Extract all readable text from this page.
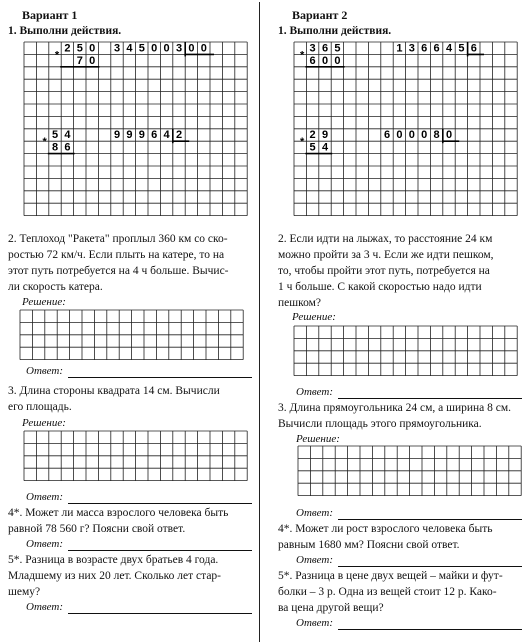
2 5 0
7 0
*
3 4 5 0 0 3 0 0
5 4
8 6
*
9 9 9 6 4 2
3 6 5
6 0 0
*
1 3 6 6 4 5 6
2 9
5 4
*
6 0 0 0 8 0
Вариант 1
1. Выполни действия.
2. Теплоход "Ракета" проплыл 360 км со ско-
ростью 72 км/ч. Если плыть на катере, то на
этот путь потребуется на 4 ч больше. Вычис-
ли скорость катера.
Решение:
Ответ:
3. Длина стороны квадрата 14 см. Вычисли
его площадь.
Решение:
Ответ:
4*. Может ли масса взрослого человека быть
равной 78 560 г? Поясни свой ответ.
Ответ:
5*. Разница в возрасте двух братьев 4 года.
Младшему из них 20 лет. Сколько лет стар-
шему?
Ответ:
Вариант 2
1. Выполни действия.
2. Если идти на лыжах, то расстояние 24 км
можно пройти за 3 ч. Если же идти пешком,
то, чтобы пройти этот путь, потребуется на
1 ч больше. С какой скоростью надо идти
пешком?
Решение:
Ответ:
3. Длина прямоугольника 24 см, а ширина 8 см.
Вычисли площадь этого прямоугольника.
Решение:
Ответ:
4*. Может ли рост взрослого человека быть
равным 1680 мм? Поясни свой ответ.
Ответ:
5*. Разница в цене двух вещей – майки и фут-
болки – 3 р. Одна из вещей стоит 12 р. Како-
ва цена другой вещи?
Ответ:
